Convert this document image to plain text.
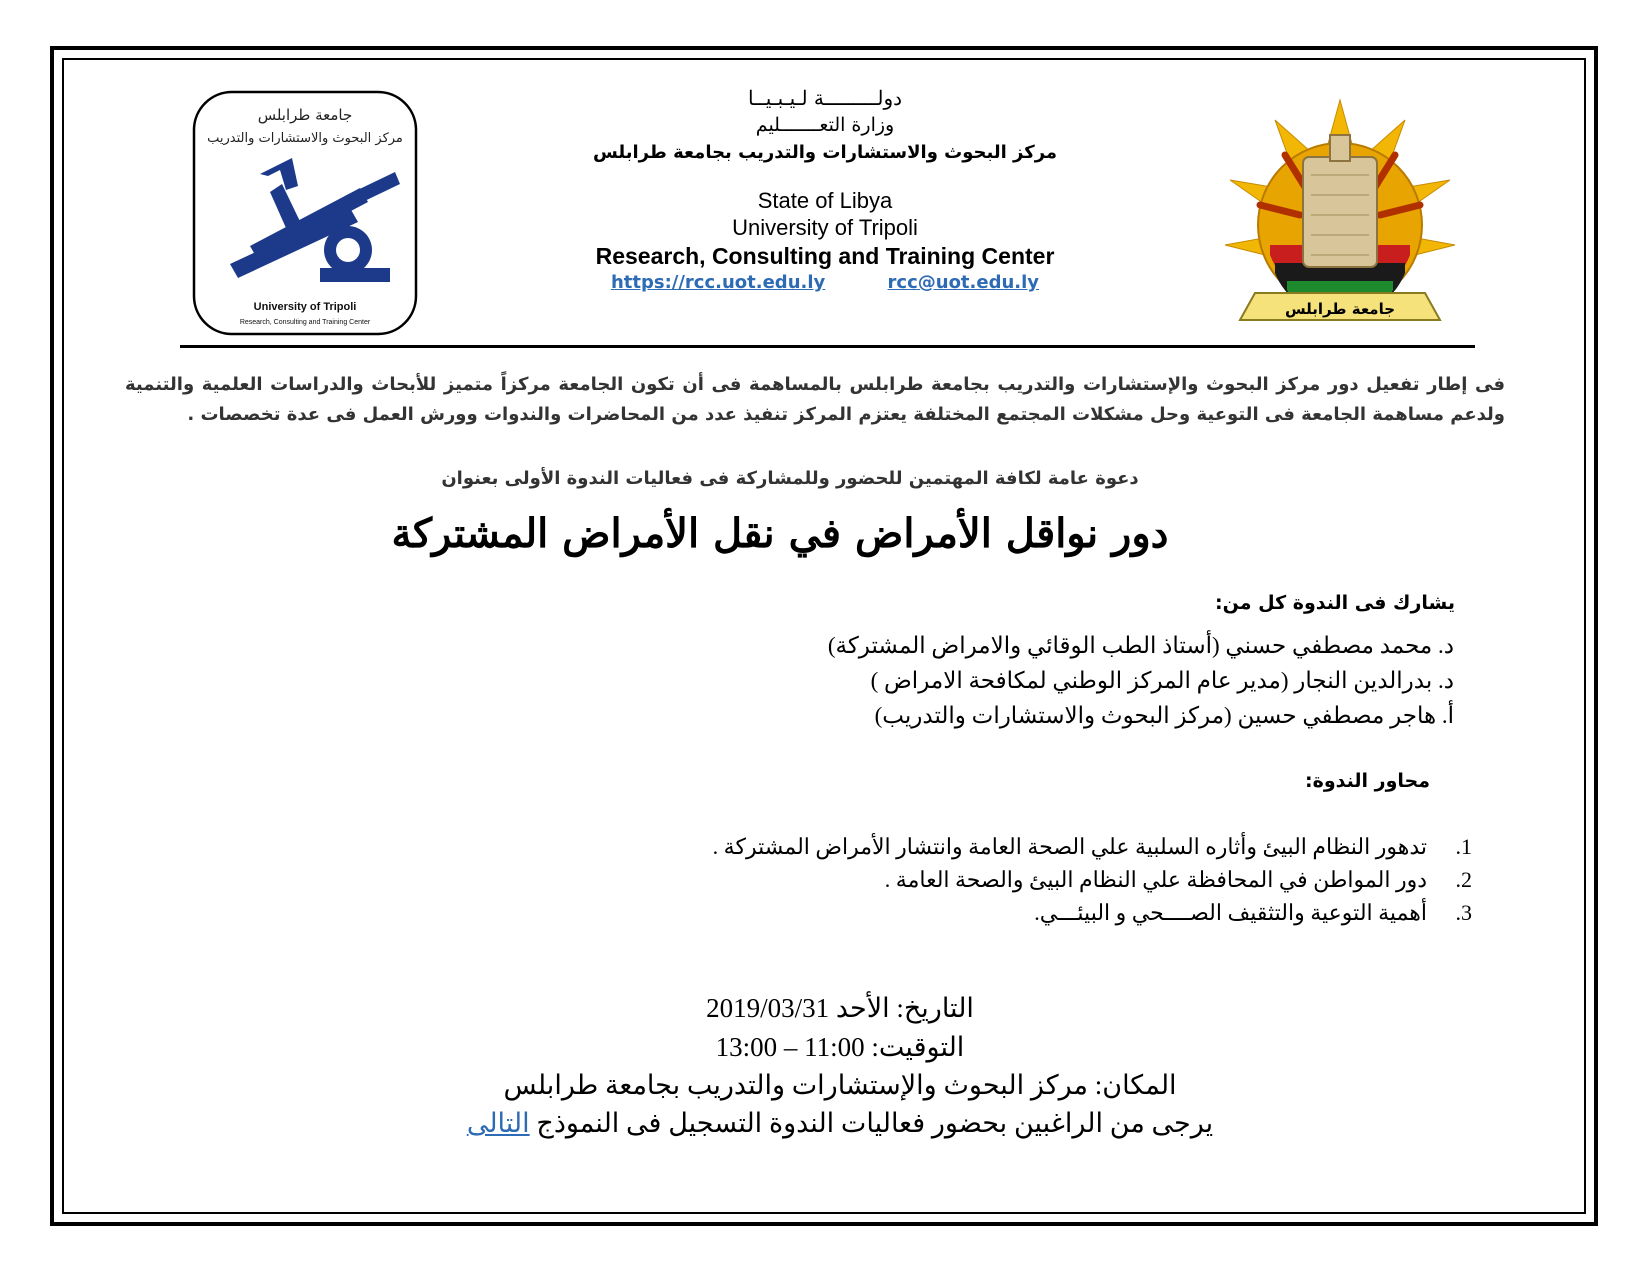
جامعة طرابلس
مركز البحوث والاستشارات والتدريب
University of Tripoli
Research, Consulting and Training Center
دولـــــــــة لـيـبـيــا
وزارة التعـــــــليم
مركز البحوث والاستشارات والتدريب بجامعة طرابلس
State of Libya
University of Tripoli
Research, Consulting and Training Center
https://rcc.uot.edu.ly	rcc@uot.edu.ly
جامعة طرابلس
فى إطار تفعيل دور مركز البحوث والإستشارات والتدريب بجامعة طرابلس بالمساهمة فى أن تكون الجامعة مركزاً متميز للأبحاث والدراسات العلمية والتنمية ولدعم مساهمة الجامعة فى التوعية وحل مشكلات المجتمع المختلفة يعتزم المركز تنفيذ عدد من المحاضرات والندوات وورش العمل فى عدة تخصصات .
دعوة عامة لكافة المهتمين للحضور وللمشاركة فى فعاليات الندوة الأولى بعنوان
دور نواقل الأمراض في نقل الأمراض المشتركة
يشارك فى الندوة كل من:
د. محمد مصطفي حسني (أستاذ الطب الوقائي والامراض المشتركة)
د. بدرالدين النجار (مدير عام المركز الوطني لمكافحة الامراض )
أ. هاجر مصطفي حسين (مركز البحوث والاستشارات والتدريب)
محاور الندوة:
1.  تدهور النظام البيئ وأثاره السلبية علي الصحة العامة وانتشار الأمراض المشتركة .
2.  دور المواطن في المحافظة علي النظام البيئ والصحة العامة .
3.  أهمية التوعية والتثقيف الصــــحي و البيئـــي.
التاريخ: الأحد 2019/03/31
التوقيت: 11:00 – 13:00
المكان: مركز البحوث والإستشارات والتدريب بجامعة طرابلس
يرجى من الراغبين بحضور فعاليات الندوة التسجيل فى النموذج التالى
